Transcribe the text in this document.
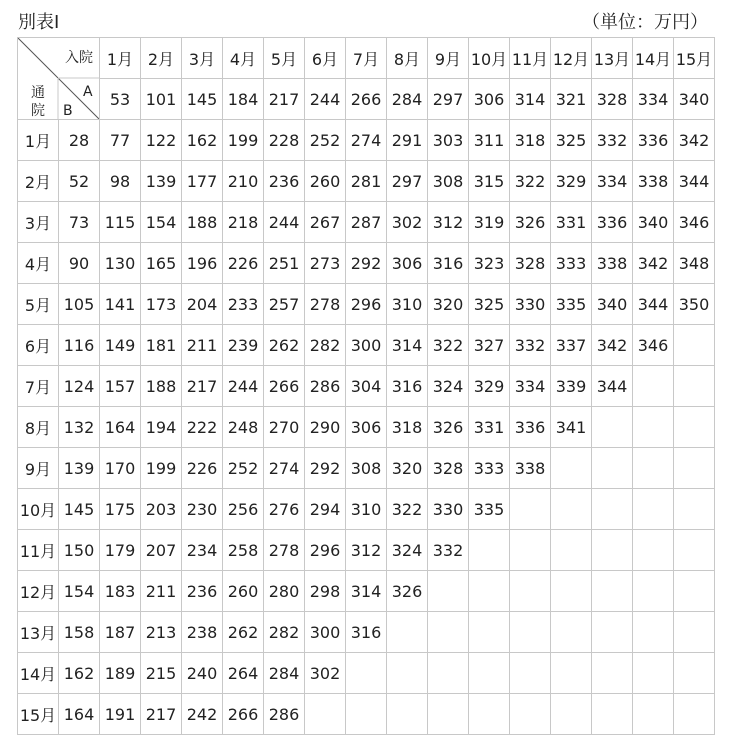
別表Ⅰ	（単位：万円）
入院
通院
A
B		1月	2月	3月	4月	5月	6月	7月	8月	9月	10月	11月	12月	13月	14月	15月
		53	101	145	184	217	244	266	284	297	306	314	321	328	334	340
1月	28	77	122	162	199	228	252	274	291	303	311	318	325	332	336	342
2月	52	98	139	177	210	236	260	281	297	308	315	322	329	334	338	344
3月	73	115	154	188	218	244	267	287	302	312	319	326	331	336	340	346
4月	90	130	165	196	226	251	273	292	306	316	323	328	333	338	342	348
5月	105	141	173	204	233	257	278	296	310	320	325	330	335	340	344	350
6月	116	149	181	211	239	262	282	300	314	322	327	332	337	342	346	
7月	124	157	188	217	244	266	286	304	316	324	329	334	339	344		
8月	132	164	194	222	248	270	290	306	318	326	331	336	341			
9月	139	170	199	226	252	274	292	308	320	328	333	338				
10月	145	175	203	230	256	276	294	310	322	330	335					
11月	150	179	207	234	258	278	296	312	324	332						
12月	154	183	211	236	260	280	298	314	326							
13月	158	187	213	238	262	282	300	316								
14月	162	189	215	240	264	284	302									
15月	164	191	217	242	266	286										
